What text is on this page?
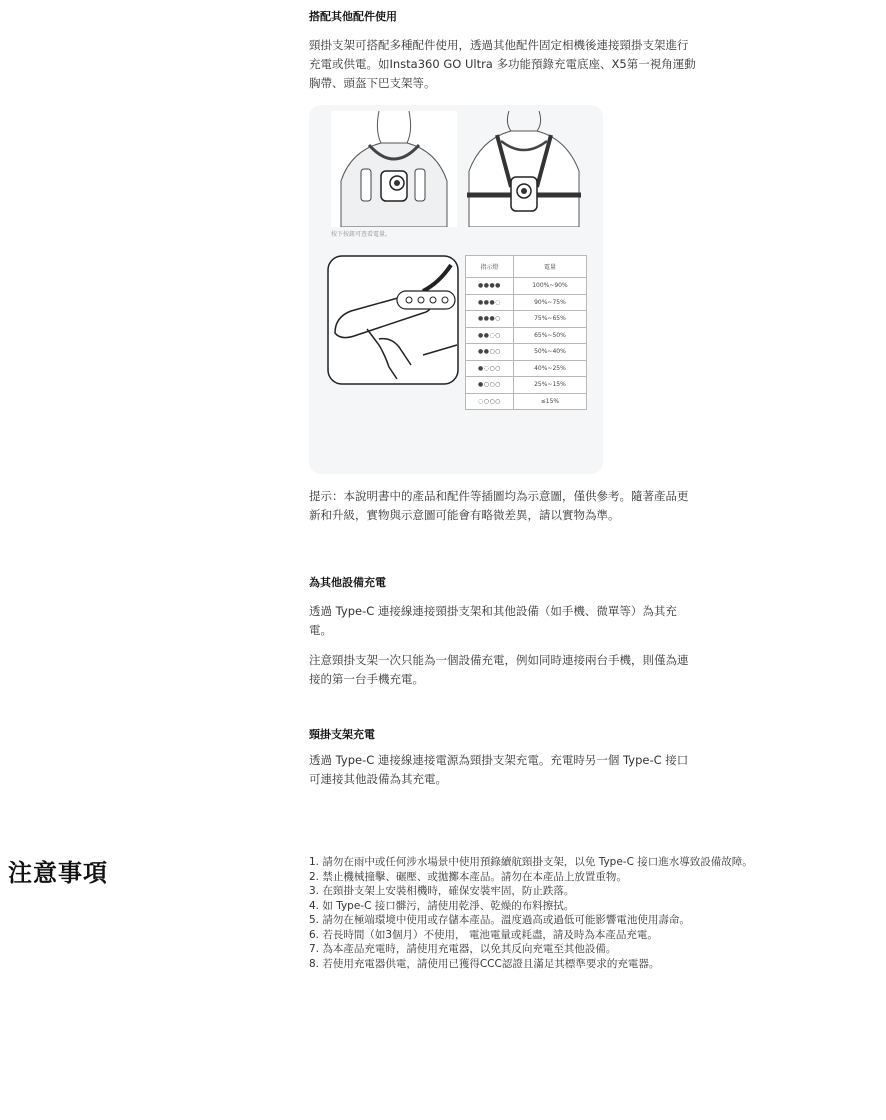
搭配其他配件使用

頸掛支架可搭配多種配件使用，透過其他配件固定相機後連接頸掛支架進行充電或供電。如Insta360 GO Ultra 多功能預錄充電底座、X5第一視角運動胸帶、頭盔下巴支架等。

按下按鈕可查看電量。
指示燈	電量
●●●●	100%~90%
●●●◌	90%~75%
●●●○	75%~65%
●●◌○	65%~50%
●●○○	50%~40%
●◌○○	40%~25%
●○○○	25%~15%
◌○○○	≤15%

提示：本說明書中的產品和配件等插圖均為示意圖，僅供參考。隨著產品更新和升級，實物與示意圖可能會有略微差異，請以實物為準。

為其他設備充電

透過 Type-C 連接線連接頸掛支架和其他設備（如手機、微單等）為其充電。

注意頸掛支架一次只能為一個設備充電，例如同時連接兩台手機，則僅為連接的第一台手機充電。

頸掛支架充電

透過 Type-C 連接線連接電源為頸掛支架充電。充電時另一個 Type-C 接口可連接其他設備為其充電。

注意事項	1. 請勿在雨中或任何涉水場景中使用預錄續航頸掛支架，以免 Type-C 接口進水導致設備故障。
2. 禁止機械撞擊、碾壓、或拋擲本產品。請勿在本產品上放置重物。
3. 在頸掛支架上安裝相機時，確保安裝牢固，防止跌落。
4. 如 Type-C 接口髒污，請使用乾淨、乾燥的布料擦拭。
5. 請勿在極端環境中使用或存儲本產品。溫度過高或過低可能影響電池使用壽命。
6. 若長時間（如3個月）不使用， 電池電量或耗盡，請及時為本產品充電。
7. 為本產品充電時，請使用充電器，以免其反向充電至其他設備。
8. 若使用充電器供電，請使用已獲得CCC認證且滿足其標準要求的充電器。
